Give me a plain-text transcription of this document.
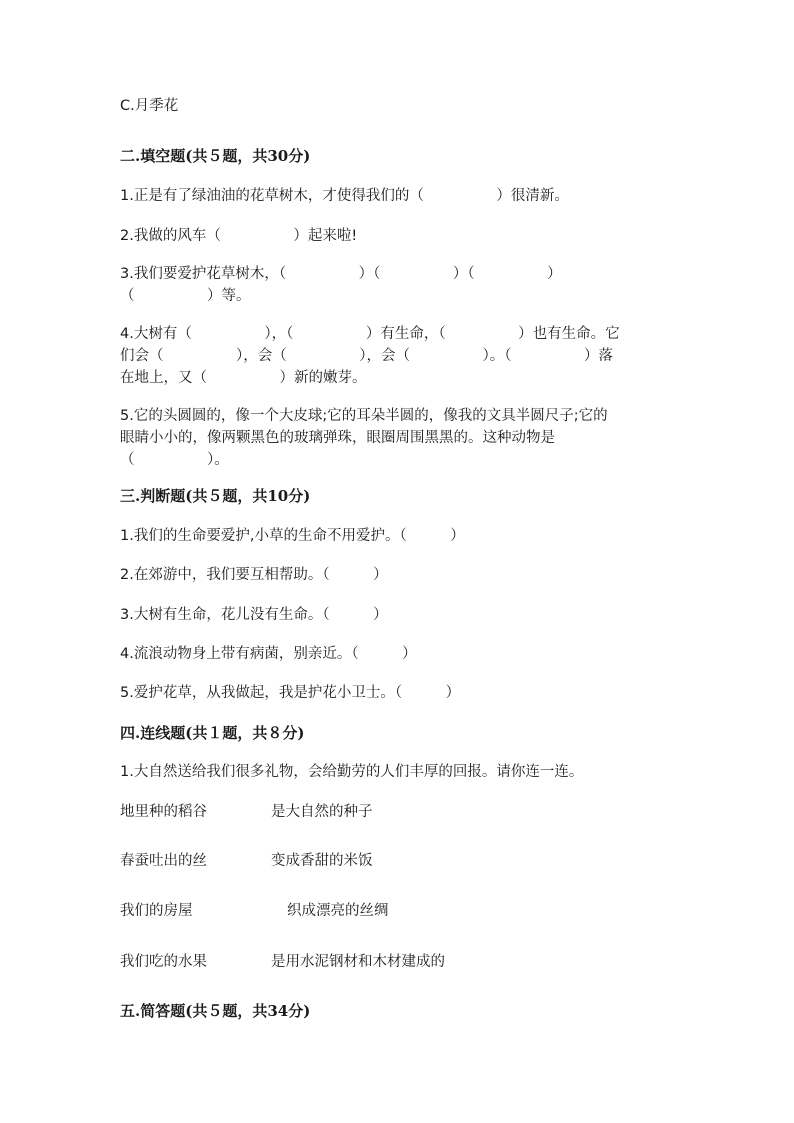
C.月季花
二.填空题(共５题，共30分)
1.正是有了绿油油的花草树木，才使得我们的（　　　　　）很清新。
2.我做的风车（　　　　　）起来啦!
3.我们要爱护花草树木，（　　　　　）（　　　　　）（　　　　　）
（　　　　　）等。
4.大树有（　　　　　），（　　　　　）有生命，（　　　　　）也有生命。它
们会（　　　　　），会（　　　　　），会（　　　　　）。（　　　　　）落
在地上，又（　　　　　）新的嫩芽。
5.它的头圆圆的，像一个大皮球;它的耳朵半圆的，像我的文具半圆尺子;它的
眼睛小小的，像两颗黑色的玻璃弹珠，眼圈周围黑黑的。这种动物是
（　　　　　）。
三.判断题(共５题，共10分)
1.我们的生命要爱护,小草的生命不用爱护。（　　　）
2.在郊游中，我们要互相帮助。（　　　）
3.大树有生命，花儿没有生命。（　　　）
4.流浪动物身上带有病菌，别亲近。（　　　）
5.爱护花草，从我做起，我是护花小卫士。（　　　）
四.连线题(共１题，共８分)
1.大自然送给我们很多礼物，会给勤劳的人们丰厚的回报。请你连一连。
地里种的稻谷	是大自然的种子
春蚕吐出的丝	变成香甜的米饭
我们的房屋	织成漂亮的丝绸
我们吃的水果	是用水泥钢材和木材建成的
五.简答题(共５题，共34分)
